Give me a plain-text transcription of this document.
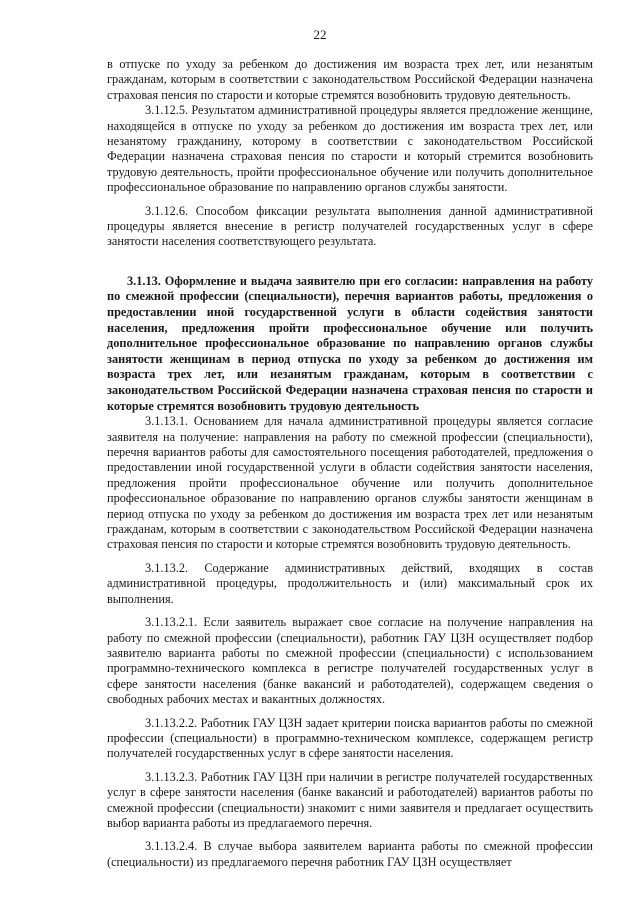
22

в отпуске по уходу за ребенком до достижения им возраста трех лет, или незанятым гражданам, которым в соответствии с законодательством Российской Федерации назначена страховая пенсия по старости и которые стремятся возобновить трудовую деятельность.

3.1.12.5. Результатом административной процедуры является предложение женщине, находящейся в отпуске по уходу за ребенком до достижения им возраста трех лет, или незанятому гражданину, которому в соответствии с законодательством Российской Федерации назначена страховая пенсия по старости и который стремится возобновить трудовую деятельность, пройти профессиональное обучение или получить дополнительное профессиональное образование по направлению органов службы занятости.

3.1.12.6. Способом фиксации результата выполнения данной административной процедуры является внесение в регистр получателей государственных услуг в сфере занятости населения соответствующего результата.

3.1.13. Оформление и выдача заявителю при его согласии: направления на работу по смежной профессии (специальности), перечня вариантов работы, предложения о предоставлении иной государственной услуги в области содействия занятости населения, предложения пройти профессиональное обучение или получить дополнительное профессиональное образование по направлению органов службы занятости женщинам в период отпуска по уходу за ребенком до достижения им возраста трех лет, или незанятым гражданам, которым в соответствии с законодательством Российской Федерации назначена страховая пенсия по старости и которые стремятся возобновить трудовую деятельность

3.1.13.1. Основанием для начала административной процедуры является согласие заявителя на получение: направления на работу по смежной профессии (специальности), перечня вариантов работы для самостоятельного посещения работодателей, предложения о предоставлении иной государственной услуги в области содействия занятости населения, предложения пройти профессиональное обучение или получить дополнительное профессиональное образование по направлению органов службы занятости женщинам в период отпуска по уходу за ребенком до достижения им возраста трех лет или незанятым гражданам, которым в соответствии с законодательством Российской Федерации назначена страховая пенсия по старости и которые стремятся возобновить трудовую деятельность.

3.1.13.2. Содержание административных действий, входящих в состав административной процедуры, продолжительность и (или) максимальный срок их выполнения.

3.1.13.2.1. Если заявитель выражает свое согласие на получение направления на работу по смежной профессии (специальности), работник ГАУ ЦЗН осуществляет подбор заявителю варианта работы по смежной профессии (специальности) с использованием программно-технического комплекса в регистре получателей государственных услуг в сфере занятости населения (банке вакансий и работодателей), содержащем сведения о свободных рабочих местах и вакантных должностях.

3.1.13.2.2. Работник ГАУ ЦЗН задает критерии поиска вариантов работы по смежной профессии (специальности) в программно-техническом комплексе, содержащем регистр получателей государственных услуг в сфере занятости населения.

3.1.13.2.3. Работник ГАУ ЦЗН при наличии в регистре получателей государственных услуг в сфере занятости населения (банке вакансий и работодателей) вариантов работы по смежной профессии (специальности) знакомит с ними заявителя и предлагает осуществить выбор варианта работы из предлагаемого перечня.

3.1.13.2.4. В случае выбора заявителем варианта работы по смежной профессии (специальности) из предлагаемого перечня работник ГАУ ЦЗН осуществляет
